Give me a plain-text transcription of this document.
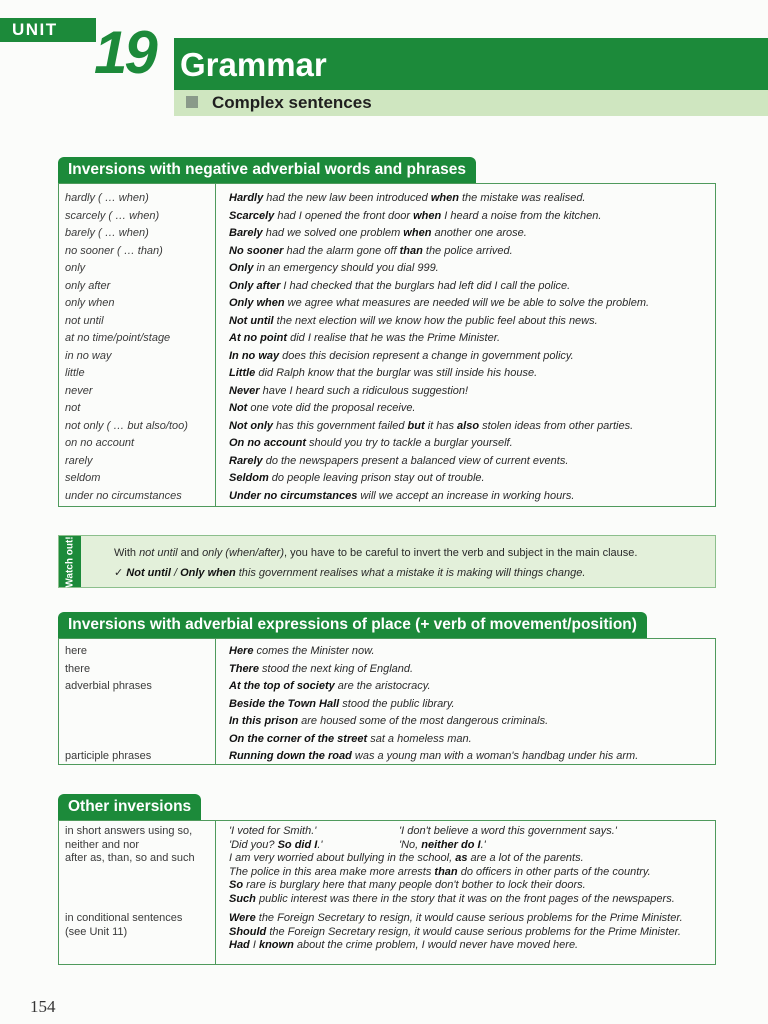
UNIT 19 Grammar
Complex sentences
Inversions with negative adverbial words and phrases
hardly ( … when)	Hardly had the new law been introduced when the mistake was realised.
scarcely ( … when)	Scarcely had I opened the front door when I heard a noise from the kitchen.
barely ( … when)	Barely had we solved one problem when another one arose.
no sooner ( … than)	No sooner had the alarm gone off than the police arrived.
only	Only in an emergency should you dial 999.
only after	Only after I had checked that the burglars had left did I call the police.
only when	Only when we agree what measures are needed will we be able to solve the problem.
not until	Not until the next election will we know how the public feel about this news.
at no time/point/stage	At no point did I realise that he was the Prime Minister.
in no way	In no way does this decision represent a change in government policy.
little	Little did Ralph know that the burglar was still inside his house.
never	Never have I heard such a ridiculous suggestion!
not	Not one vote did the proposal receive.
not only ( … but also/too)	Not only has this government failed but it has also stolen ideas from other parties.
on no account	On no account should you try to tackle a burglar yourself.
rarely	Rarely do the newspapers present a balanced view of current events.
seldom	Seldom do people leaving prison stay out of trouble.
under no circumstances	Under no circumstances will we accept an increase in working hours.
Watch out!	With not until and only (when/after), you have to be careful to invert the verb and subject in the main clause.
✓ Not until / Only when this government realises what a mistake it is making will things change.
Inversions with adverbial expressions of place (+ verb of movement/position)
here	Here comes the Minister now.
there	There stood the next king of England.
adverbial phrases	At the top of society are the aristocracy.
Beside the Town Hall stood the public library.
In this prison are housed some of the most dangerous criminals.
On the corner of the street sat a homeless man.
participle phrases	Running down the road was a young man with a woman's handbag under his arm.
Other inversions
in short answers using so,	'I voted for Smith.'	'I don't believe a word this government says.'
neither and nor	'Did you? So did I.'	'No, neither do I.'
after as, than, so and such	I am very worried about bullying in the school, as are a lot of the parents.
The police in this area make more arrests than do officers in other parts of the country.
So rare is burglary here that many people don't bother to lock their doors.
Such public interest was there in the story that it was on the front pages of the newspapers.
in conditional sentences	Were the Foreign Secretary to resign, it would cause serious problems for the Prime Minister.
(see Unit 11)	Should the Foreign Secretary resign, it would cause serious problems for the Prime Minister.
Had I known about the crime problem, I would never have moved here.
154
